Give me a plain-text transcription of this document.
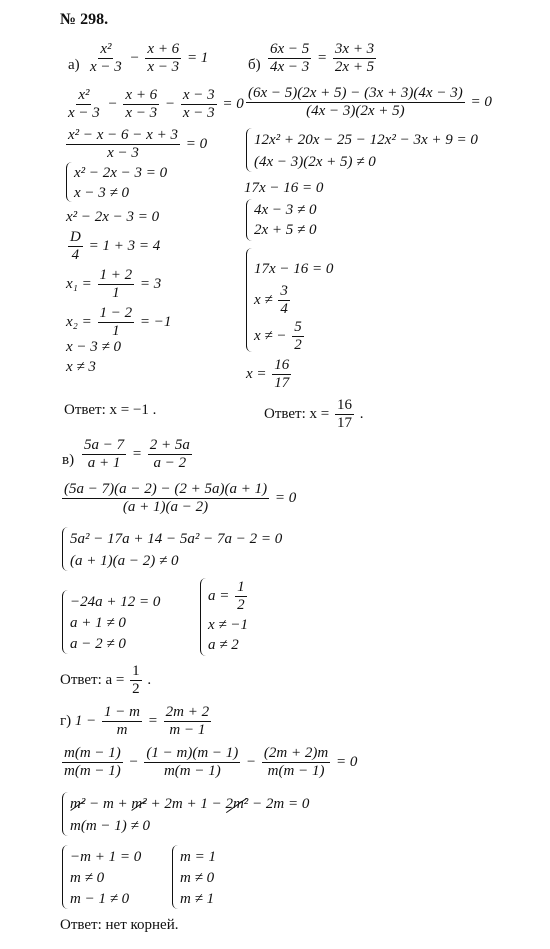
№ 298.
$а) \frac{\text{x²}}{x - 3} - \frac{x + 6}{x - 3} = 1$
$\frac{\text{x²}}{x - 3} - \frac{x + 6}{x - 3} - \frac{x - 3}{x - 3} = 0$
$\frac{\text{x² − x − 6 − x + 3}}{x - 3} = 0$
x² − 2x − 3 = 0
x − 3 ≠ 0
x² − 2x − 3 = 0
$\frac{D}{4} = 1 + 3 = 4$
$x_1 = \frac{1 + 2}{1} = 3$
$x_2 = \frac{1 - 2}{1} = -1$
x − 3 ≠ 0
x ≠ 3
Ответ: x = −1 .
$б) \frac{6x - 5}{4x - 3} = \frac{3x + 3}{2x + 5}$
$\frac{(6x - 5)(2x + 5) - (3x + 3)(4x - 3)}{(4x - 3)(2x + 5)} = 0$
12x² + 20x − 25 − 12x² − 3x + 9 = 0
(4x − 3)(2x + 5) ≠ 0
17x − 16 = 0
4x − 3 ≠ 0
2x + 5 ≠ 0
17x − 16 = 0
$x \ne \frac{3}{4}$
x ≠ − $\frac{5}{2}$
$x = \frac{16}{17}$
Ответ: $x = \frac{16}{17}$ .
$в) \frac{5a - 7}{a + 1} = \frac{2 + 5a}{a - 2}$
$\frac{(5a - 7)(a - 2) - (2 + 5a)(a + 1)}{(a + 1)(a - 2)} = 0$
5a² − 17a + 14 − 5a² − 7a − 2 = 0
(a + 1)(a − 2) ≠ 0
−24a + 12 = 0
a + 1 ≠ 0
a − 2 ≠ 0
$a = \frac{1}{2}$
x ≠ −1
a ≠ 2
Ответ: $a = \frac{1}{2}$ .
г) $1 - \frac{1 - m}{m} = \frac{2m + 2}{m - 1}$
$\frac{m(m - 1)}{m(m - 1)} - \frac{(1 - m)(m - 1)}{m(m - 1)} - \frac{(2m + 2)m}{m(m - 1)} = 0$
m² − m + m² + 2m + 1 − 2m² − 2m = 0
m(m − 1) ≠ 0
−m + 1 = 0
m ≠ 0
m − 1 ≠ 0
m = 1
m ≠ 0
m ≠ 1
Ответ: нет корней.
